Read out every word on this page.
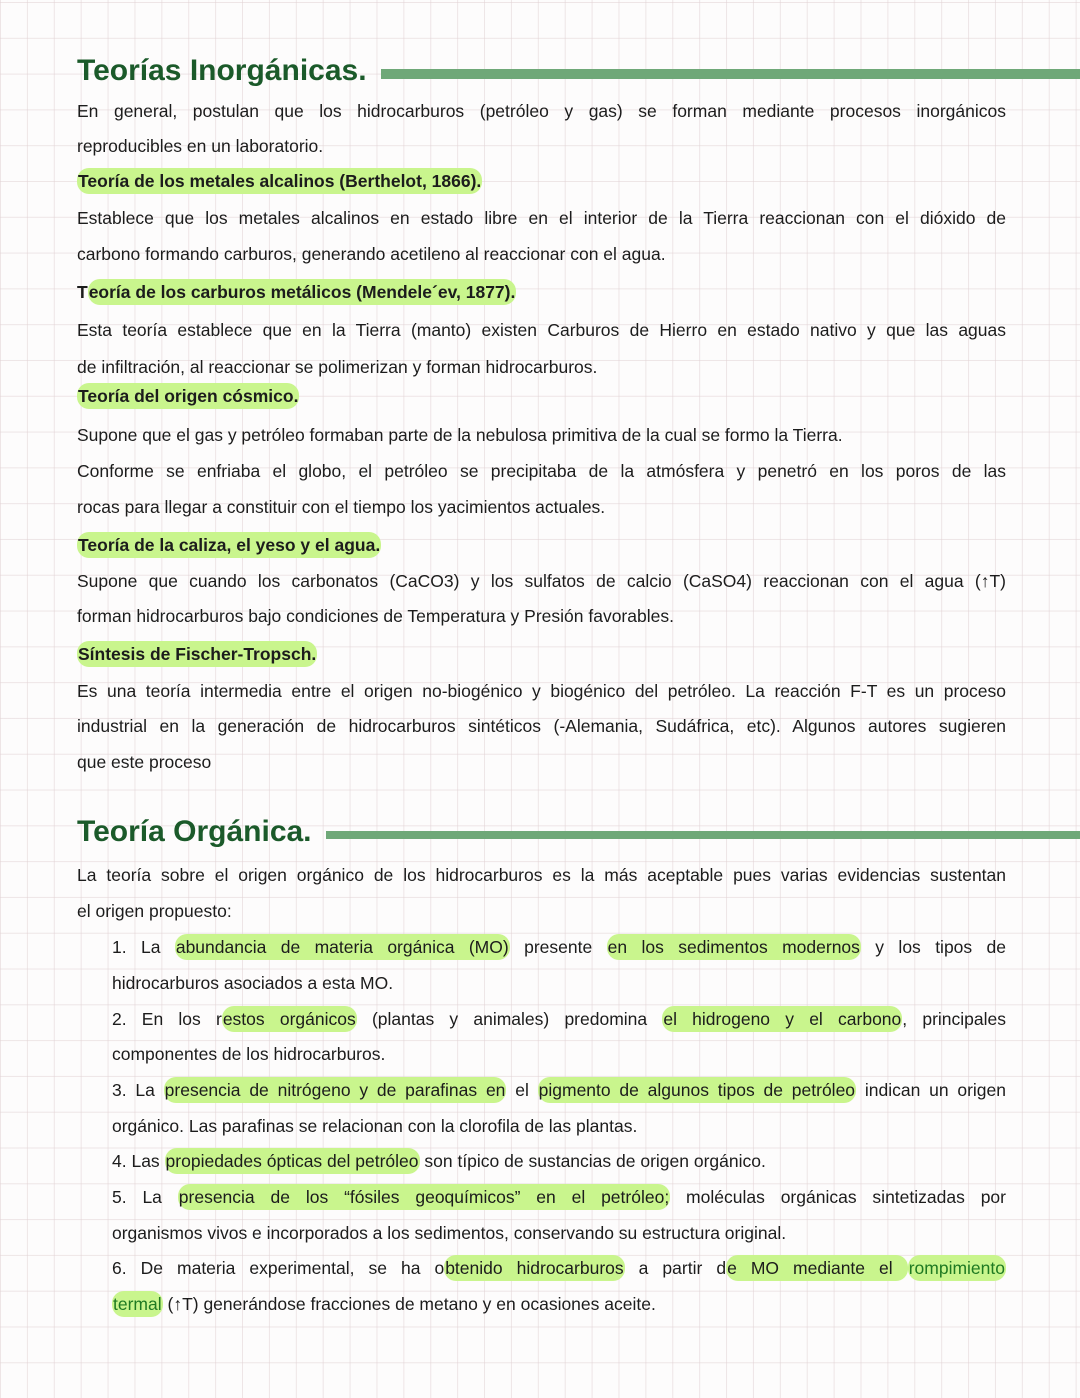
Teorías Inorgánicas.
Teoría Orgánica.
En general, postulan que los hidrocarburos (petróleo y gas) se forman mediante procesos inorgánicos
reproducibles en un laboratorio.
Teoría de los metales alcalinos (Berthelot, 1866).
Establece que los metales alcalinos en estado libre en el interior de la Tierra reaccionan con el dióxido de
carbono formando carburos, generando acetileno al reaccionar con el agua.
Teoría de los carburos metálicos (Mendele´ev, 1877).
Esta teoría establece que en la Tierra (manto) existen Carburos de Hierro en estado nativo y que las aguas
de infiltración, al reaccionar se polimerizan y forman hidrocarburos.
Teoría del origen cósmico.
Supone que el gas y petróleo formaban parte de la nebulosa primitiva de la cual se formo la Tierra.
Conforme se enfriaba el globo, el petróleo se precipitaba de la atmósfera y penetró en los poros de las
rocas para llegar a constituir con el tiempo los yacimientos actuales.
Teoría de la caliza, el yeso y el agua.
Supone que cuando los carbonatos (CaCO3) y los sulfatos de calcio (CaSO4) reaccionan con el agua (↑T)
forman hidrocarburos bajo condiciones de Temperatura y Presión favorables.
Síntesis de Fischer-Tropsch.
Es una teoría intermedia entre el origen no-biogénico y biogénico del petróleo. La reacción F-T es un proceso
industrial en la generación de hidrocarburos sintéticos (-Alemania, Sudáfrica, etc). Algunos autores sugieren
que este proceso
La teoría sobre el origen orgánico de los hidrocarburos es la más aceptable pues varias evidencias sustentan
el origen propuesto:
1. La abundancia de materia orgánica (MO) presente en los sedimentos modernos y los tipos de
hidrocarburos asociados a esta MO.
2. En los restos orgánicos (plantas y animales) predomina el hidrogeno y el carbono, principales
componentes de los hidrocarburos.
3. La presencia de nitrógeno y de parafinas en el pigmento de algunos tipos de petróleo indican un origen
orgánico. Las parafinas se relacionan con la clorofila de las plantas.
4. Las propiedades ópticas del petróleo son típico de sustancias de origen orgánico.
5. La presencia de los “fósiles geoquímicos” en el petróleo; moléculas orgánicas sintetizadas por
organismos vivos e incorporados a los sedimentos, conservando su estructura original.
6. De materia experimental, se ha obtenido hidrocarburos a partir de MO mediante el rompimiento
termal (↑T) generándose fracciones de metano y en ocasiones aceite.
